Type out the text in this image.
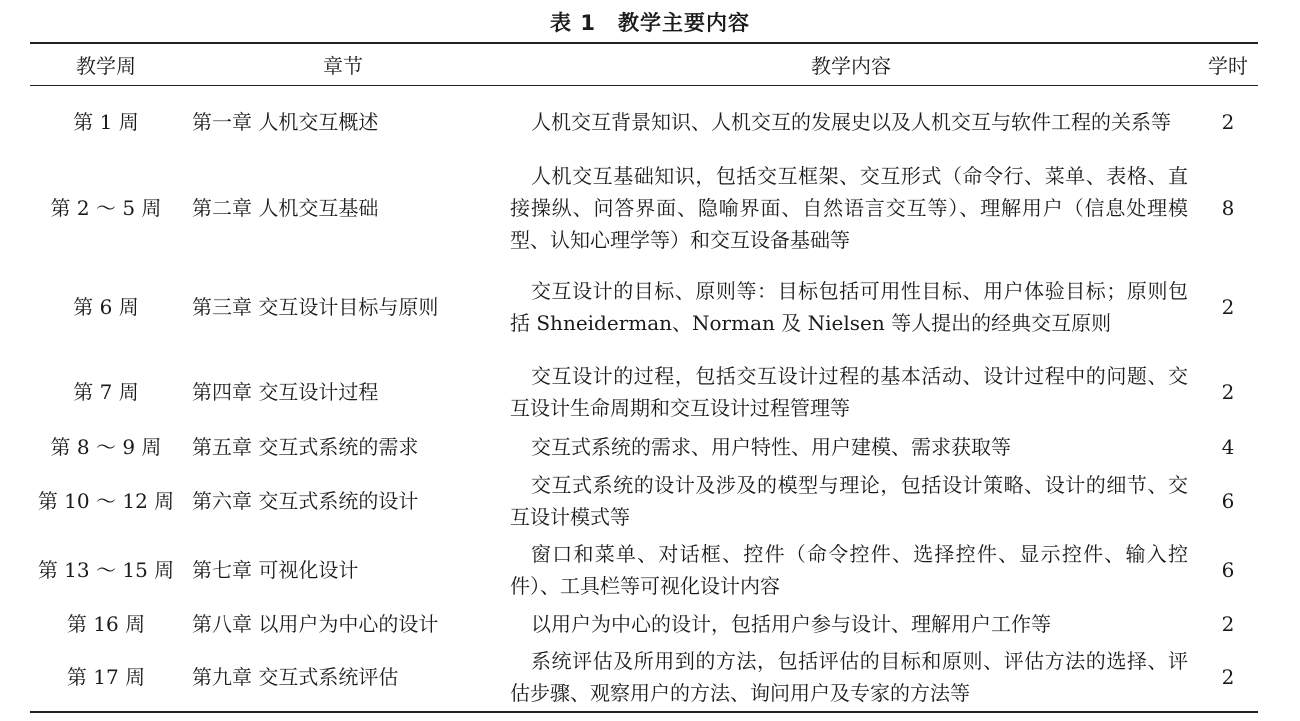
表 1 教学主要内容
教学周	章节	教学内容	学时
第 1 周	第一章 人机交互概述	人机交互背景知识、人机交互的发展史以及人机交互与软件工程的关系等	2
第 2 ～ 5 周	第二章 人机交互基础	人机交互基础知识，包括交互框架、交互形式（命令行、菜单、表格、直接操纵、问答界面、隐喻界面、自然语言交互等）、理解用户（信息处理模型、认知心理学等）和交互设备基础等	8
第 6 周	第三章 交互设计目标与原则	交互设计的目标、原则等：目标包括可用性目标、用户体验目标；原则包括 Shneiderman、Norman 及 Nielsen 等人提出的经典交互原则	2
第 7 周	第四章 交互设计过程	交互设计的过程，包括交互设计过程的基本活动、设计过程中的问题、交互设计生命周期和交互设计过程管理等	2
第 8 ～ 9 周	第五章 交互式系统的需求	交互式系统的需求、用户特性、用户建模、需求获取等	4
第 10 ～ 12 周	第六章 交互式系统的设计	交互式系统的设计及涉及的模型与理论，包括设计策略、设计的细节、交互设计模式等	6
第 13 ～ 15 周	第七章 可视化设计	窗口和菜单、对话框、控件（命令控件、选择控件、显示控件、输入控件）、工具栏等可视化设计内容	6
第 16 周	第八章 以用户为中心的设计	以用户为中心的设计，包括用户参与设计、理解用户工作等	2
第 17 周	第九章 交互式系统评估	系统评估及所用到的方法，包括评估的目标和原则、评估方法的选择、评估步骤、观察用户的方法、询问用户及专家的方法等	2
